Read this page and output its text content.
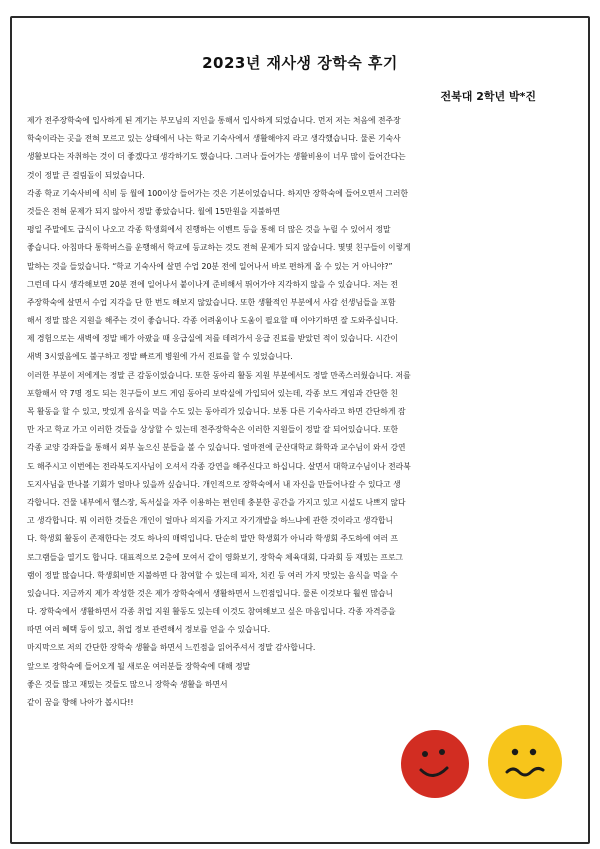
2023년 재사생 장학숙 후기
전북대 2학년 박*진
제가 전주장학숙에 입사하게 된 계기는 부모님의 지인을 통해서 입사하게 되었습니다. 먼저 저는 처음에 전주장
학숙이라는 곳을 전혀 모르고 있는 상태에서 나는 학교 기숙사에서 생활해야지 라고 생각했습니다. 물론 기숙사
생활보다는 자취하는 것이 더 좋겠다고 생각하기도 했습니다. 그러나 들어가는 생활비용이 너무 많이 들어간다는
것이 정말 큰 걸림돌이 되었습니다.
각종 학교 기숙사비에 식비 등 월에 100이상 들어가는 것은 기본이었습니다. 하지만 장학숙에 들어오면서 그러한
것들은 전혀 문제가 되지 않아서 정말 좋았습니다. 월에 15만원을 지불하면
평일 주말에도 급식이 나오고 각종 학생회에서 진행하는 이벤트 등을 통해 더 많은 것을 누릴 수 있어서 정말
좋습니다. 아침마다 통학버스를 운행해서 학교에 등교하는 것도 전혀 문제가 되지 않습니다. 몇몇 친구들이 이렇게
말하는 것을 들었습니다. “학교 기숙사에 살면 수업 20분 전에 일어나서 바로 편하게 올 수 있는 거 아니야?”
그런데 다시 생각해보면 20분 전에 일어나서 붙이나게 준비해서 뛰어가야 지각하지 않을 수 있습니다. 저는 전
주장학숙에 살면서 수업 지각을 단 한 번도 해보지 않았습니다. 또한 생활적인 부분에서 사감 선생님들을 포함
해서 정말 많은 지원을 해주는 것이 좋습니다. 각종 어려움이나 도움이 필요할 때 이야기하면 잘 도와주십니다.
제 경험으로는 새벽에 정말 배가 아팠을 때 응급실에 저를 데려가서 응급 진료를 받았던 적이 있습니다. 시간이
새벽 3시였음에도 불구하고 정말 빠르게 병원에 가서 진료를 할 수 있었습니다.
이러한 부분이 저에게는 정말 큰 감동이었습니다. 또한 동아리 활동 지원 부분에서도 정말 만족스러웠습니다. 저를
포함해서 약 7명 정도 되는 친구들이 보드 게임 동아리 보락실에 가입되어 있는데, 각종 보드 게임과 간단한 친
목 활동을 할 수 있고, 맛있게 음식을 먹을 수도 있는 동아리가 있습니다. 보통 다른 기숙사라고 하면 간단하게 잠
만 자고 학교 가고 이러한 것들을 상상할 수 있는데 전주장학숙은 이러한 지원들이 정말 잘 되어있습니다. 또한
각종 교양 강좌들을 통해서 외부 높으신 분들을 볼 수 있습니다. 얼마전에 군산대학교 화학과 교수님이 와서 강연
도 해주시고 이번에는 전라북도지사님이 오셔서 각종 강연을 해주신다고 하십니다. 살면서 대학교수님이나 전라북
도지사님을 만나볼 기회가 얼마나 있을까 싶습니다. 개인적으로 장학숙에서 내 자신을 만들어나갈 수 있다고 생
각합니다. 건물 내부에서 헬스장, 독서실을 자주 이용하는 편인데 충분한 공간을 가지고 있고 시설도 나쁘지 않다
고 생각합니다. 뭐 이러한 것들은 개인이 얼마나 의지를 가지고 자기개발을 하느냐에 관한 것이라고 생각합니
다. 학생회 활동이 존재한다는 것도 하나의 매력입니다. 단순히 말만 학생회가 아니라 학생회 주도하에 여러 프
로그램들을 열기도 합니다. 대표적으로 2층에 모여서 같이 영화보기, 장학숙 체육대회, 다과회 등 재밌는 프로그
램이 정말 많습니다. 학생회비만 지불하면 다 참여할 수 있는데 피자, 치킨 등 여러 가지 맛있는 음식을 먹을 수
있습니다. 지금까지 제가 작성한 것은 제가 장학숙에서 생활하면서 느낀점입니다. 물론 이것보다 훨씬 많습니
다. 장학숙에서 생활하면서 각종 취업 지원 활동도 있는데 이것도 참여해보고 싶은 마음입니다. 각종 자격증을
따면 여러 혜택 등이 있고, 취업 정보 관련해서 정보를 얻을 수 있습니다.
마지막으로 저의 간단한 장학숙 생활을 하면서 느낀점을 읽어주셔서 정말 감사합니다.
앞으로 장학숙에 들어오게 될 새로운 여러분들 장학숙에 대해 정말
좋은 것들 많고 재밌는 것들도 많으니 장학숙 생활을 하면서
같이 꿈을 향해 나아가 봅시다!!
